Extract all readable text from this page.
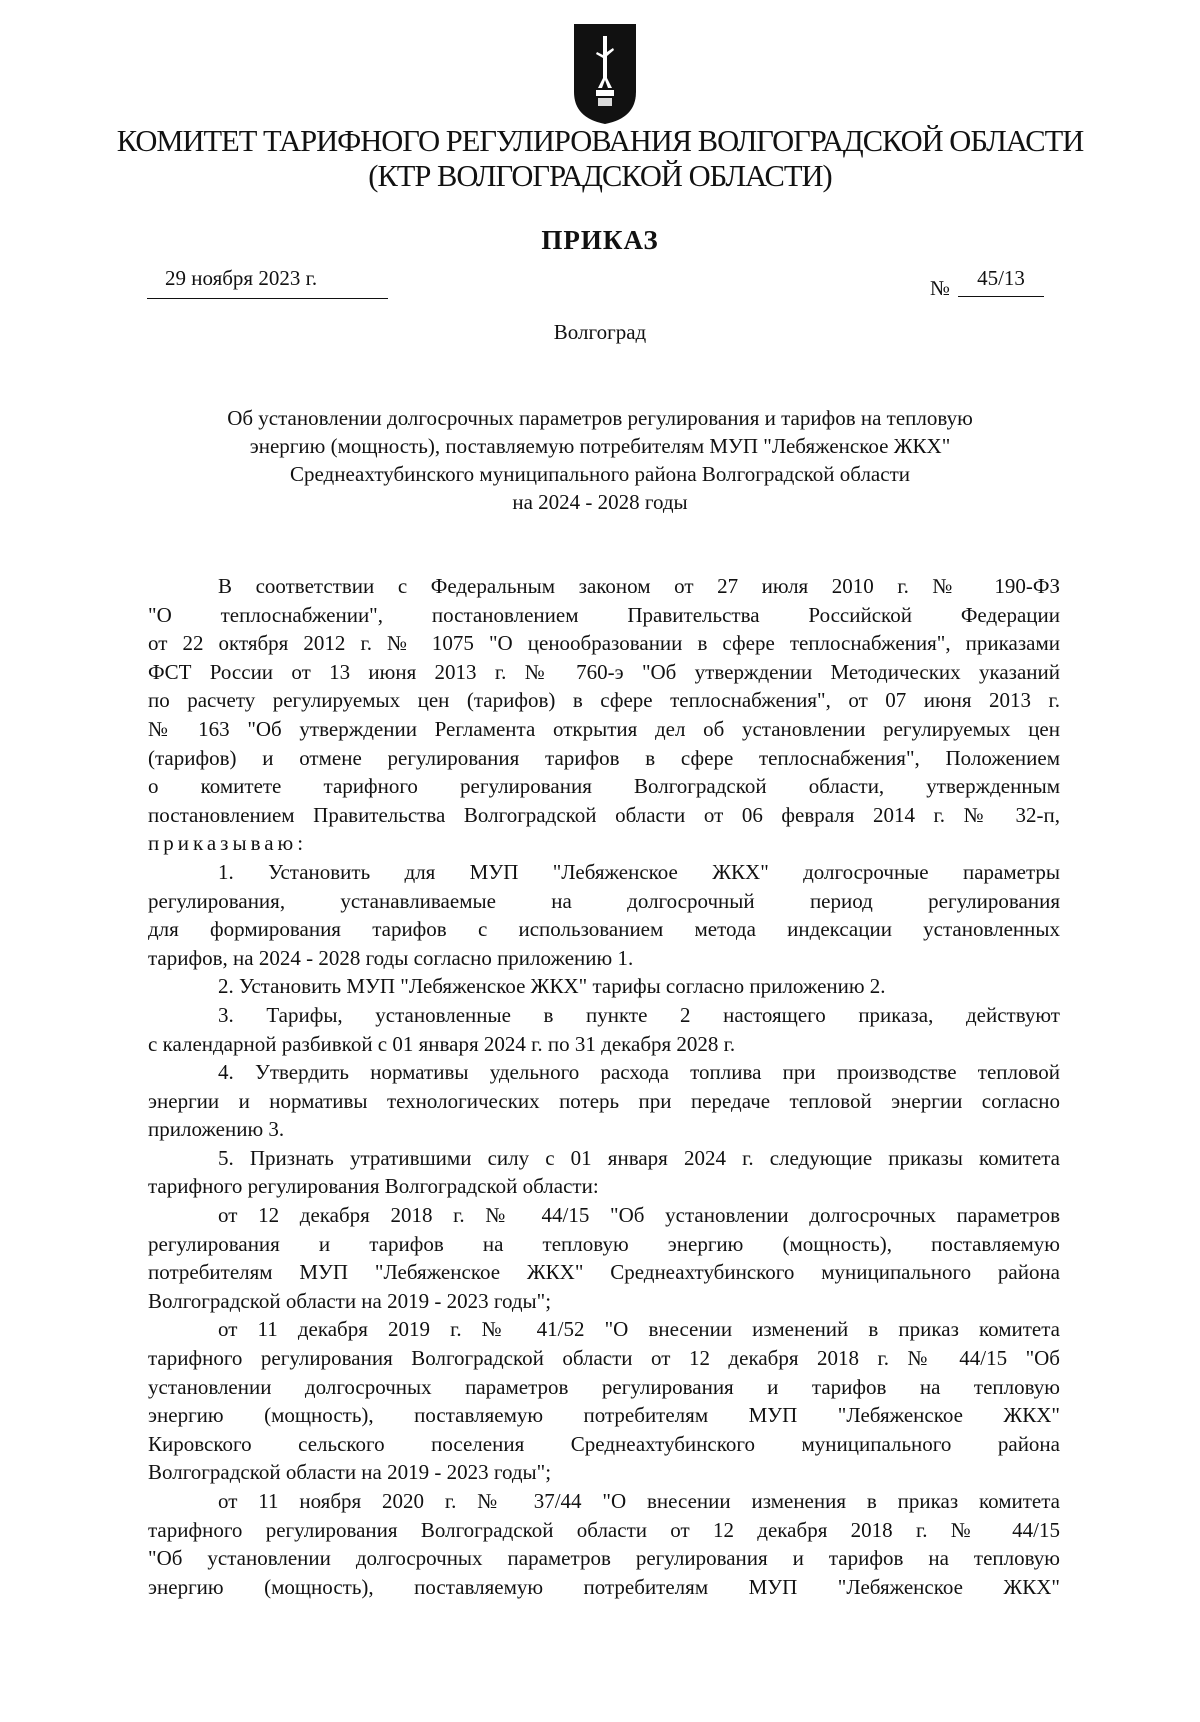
КОМИТЕТ ТАРИФНОГО РЕГУЛИРОВАНИЯ ВОЛГОГРАДСКОЙ ОБЛАСТИ
(КТР ВОЛГОГРАДСКОЙ ОБЛАСТИ)
ПРИКАЗ
29 ноября 2023 г.	№	45/13
Волгоград
Об установлении долгосрочных параметров регулирования и тарифов на тепловую
энергию (мощность), поставляемую потребителям МУП "Лебяженское ЖКХ"
Среднеахтубинского муниципального района Волгоградской области
на 2024 - 2028 годы
В соответствии с Федеральным законом от 27 июля 2010 г. № 190-ФЗ
"О теплоснабжении", постановлением Правительства Российской Федерации
от 22 октября 2012 г. № 1075 "О ценообразовании в сфере теплоснабжения", приказами
ФСТ России от 13 июня 2013 г. № 760-э "Об утверждении Методических указаний
по расчету регулируемых цен (тарифов) в сфере теплоснабжения", от 07 июня 2013 г.
№ 163 "Об утверждении Регламента открытия дел об установлении регулируемых цен
(тарифов) и отмене регулирования тарифов в сфере теплоснабжения", Положением
о комитете тарифного регулирования Волгоградской области, утвержденным
постановлением Правительства Волгоградской области от 06 февраля 2014 г. № 32-п,
приказываю:
1. Установить для МУП "Лебяженское ЖКХ" долгосрочные параметры
регулирования, устанавливаемые на долгосрочный период регулирования
для формирования тарифов с использованием метода индексации установленных
тарифов, на 2024 - 2028 годы согласно приложению 1.
2. Установить МУП "Лебяженское ЖКХ" тарифы согласно приложению 2.
3. Тарифы, установленные в пункте 2 настоящего приказа, действуют
с календарной разбивкой с 01 января 2024 г. по 31 декабря 2028 г.
4. Утвердить нормативы удельного расхода топлива при производстве тепловой
энергии и нормативы технологических потерь при передаче тепловой энергии согласно
приложению 3.
5. Признать утратившими силу с 01 января 2024 г. следующие приказы комитета
тарифного регулирования Волгоградской области:
от 12 декабря 2018 г. № 44/15 "Об установлении долгосрочных параметров
регулирования и тарифов на тепловую энергию (мощность), поставляемую
потребителям МУП "Лебяженское ЖКХ" Среднеахтубинского муниципального района
Волгоградской области на 2019 - 2023 годы";
от 11 декабря 2019 г. № 41/52 "О внесении изменений в приказ комитета
тарифного регулирования Волгоградской области от 12 декабря 2018 г. № 44/15 "Об
установлении долгосрочных параметров регулирования и тарифов на тепловую
энергию (мощность), поставляемую потребителям МУП "Лебяженское ЖКХ"
Кировского сельского поселения Среднеахтубинского муниципального района
Волгоградской области на 2019 - 2023 годы";
от 11 ноября 2020 г. № 37/44 "О внесении изменения в приказ комитета
тарифного регулирования Волгоградской области от 12 декабря 2018 г. № 44/15
"Об установлении долгосрочных параметров регулирования и тарифов на тепловую
энергию (мощность), поставляемую потребителям МУП "Лебяженское ЖКХ"
